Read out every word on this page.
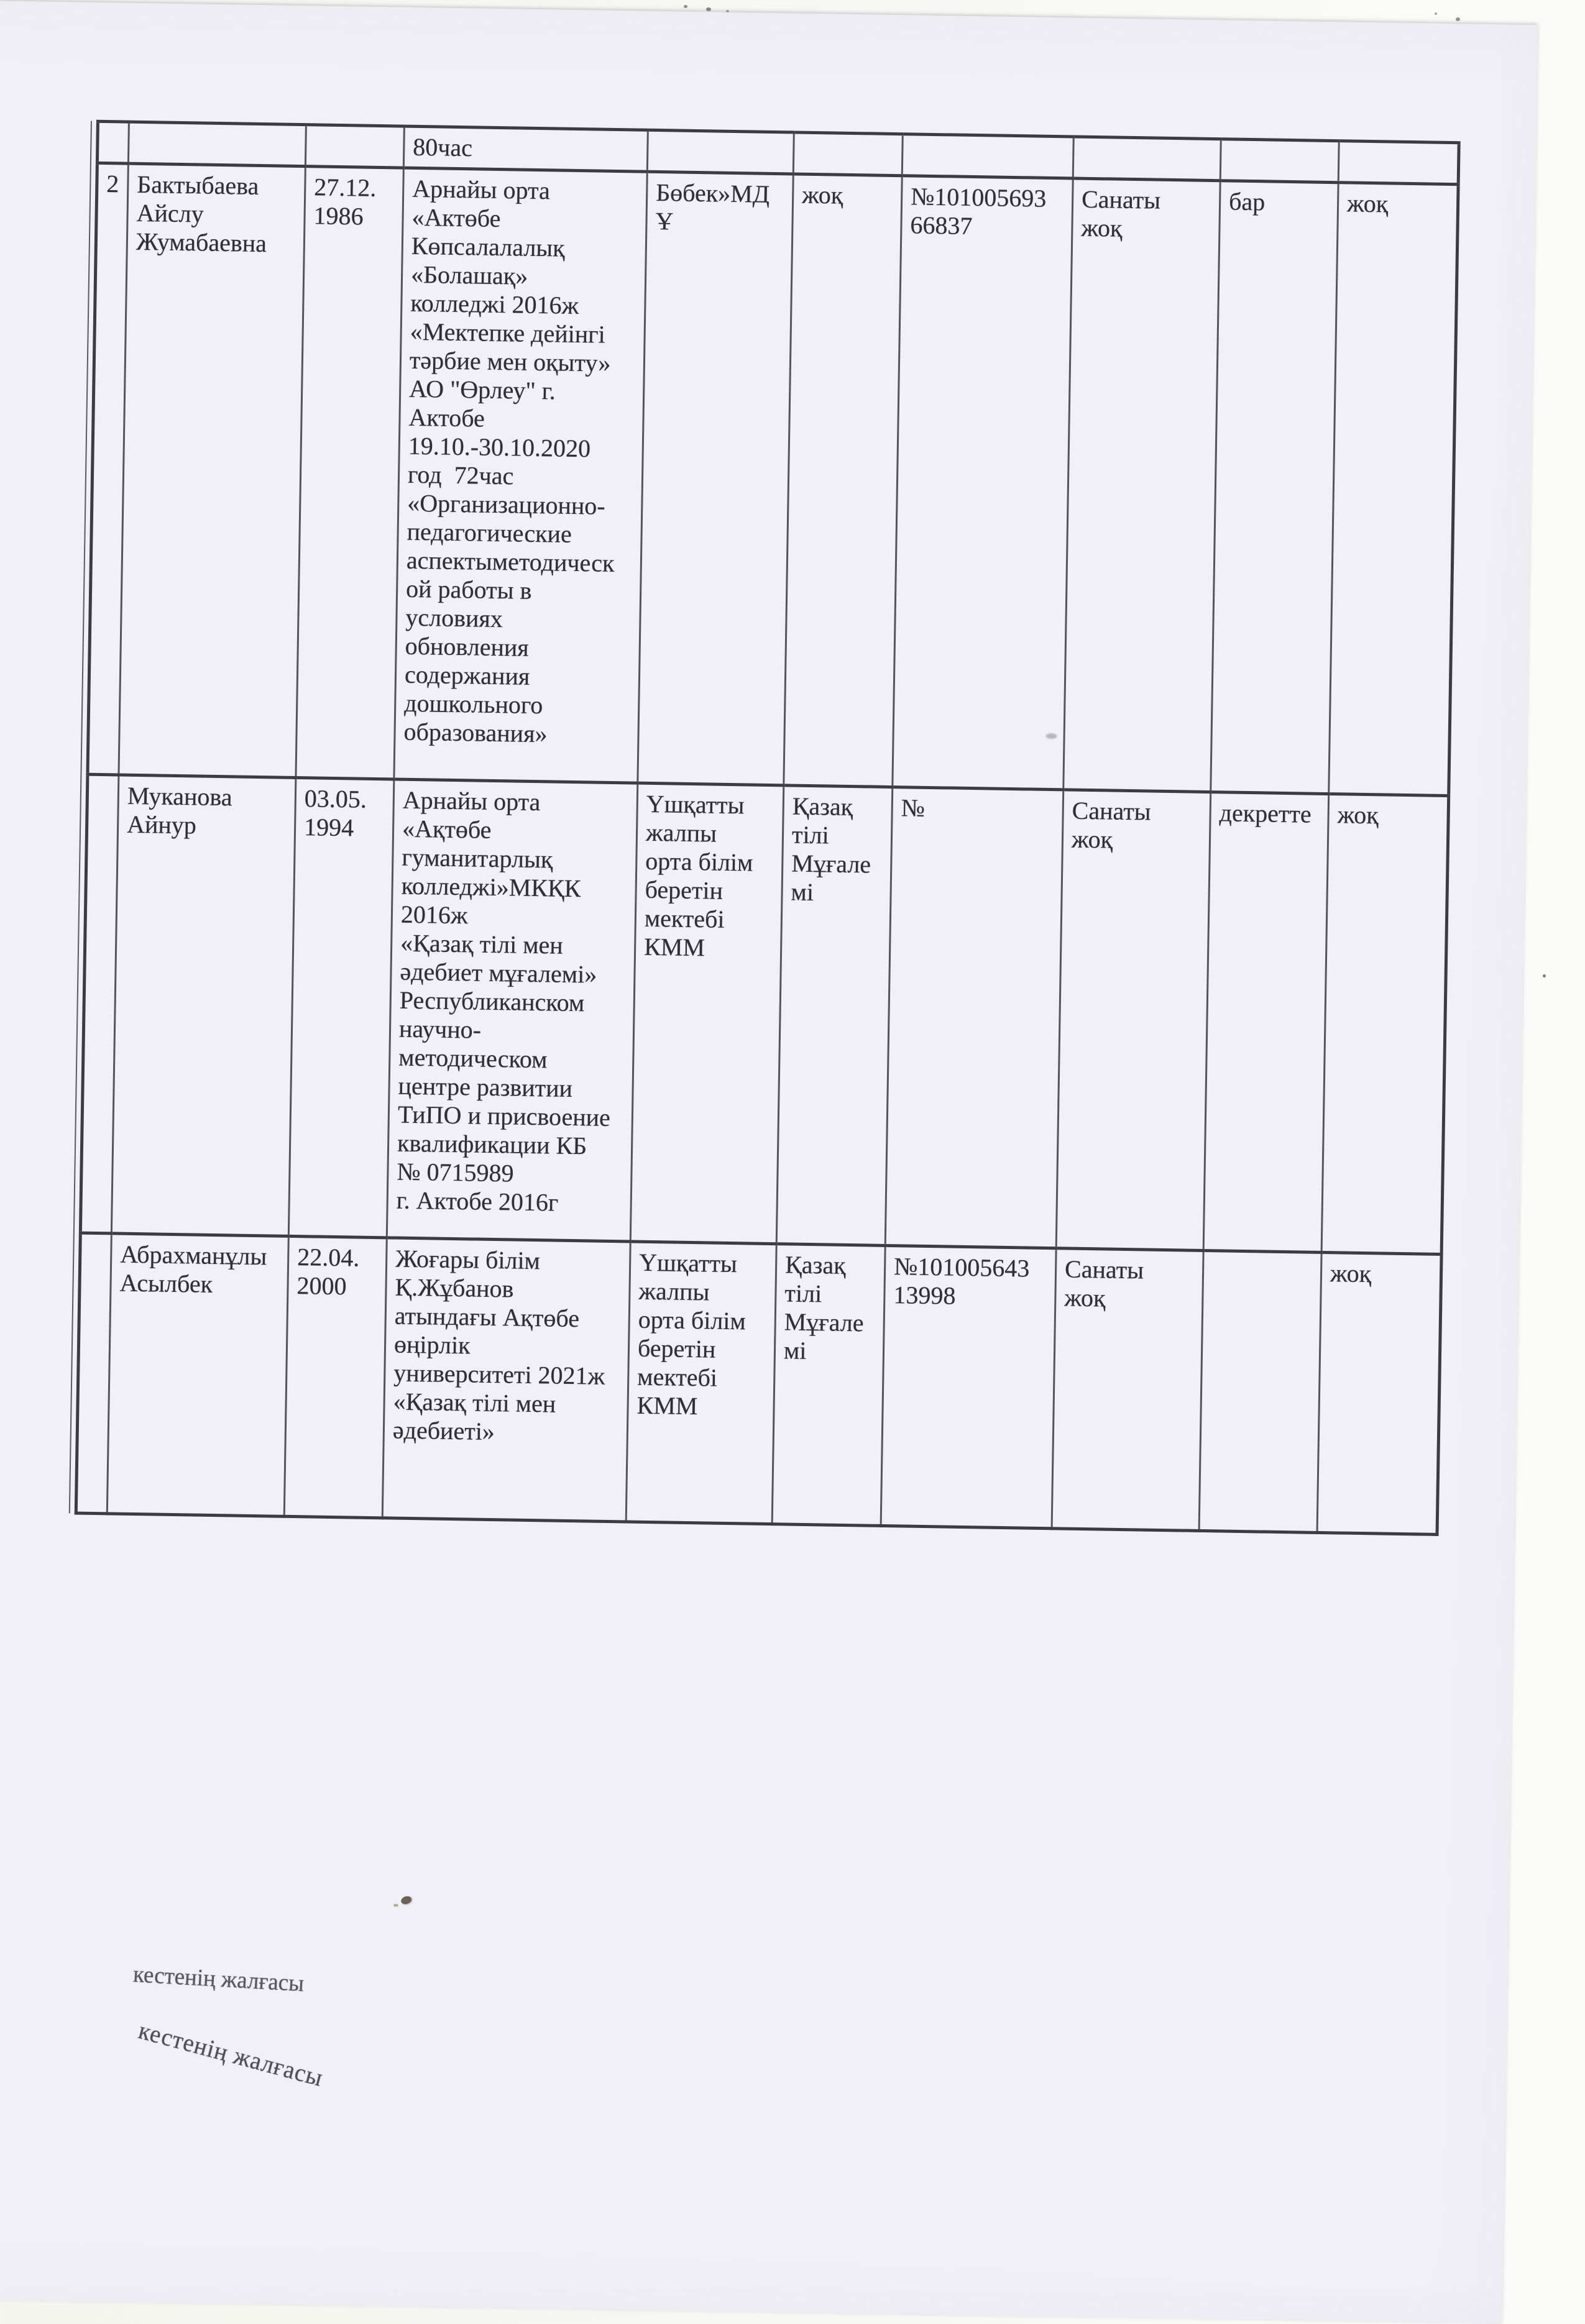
			80час						
2	Бактыбаева
Айслу
Жумабаевна	27.12.
1986	Арнайы орта
«Актөбе
Көпсалалалық
«Болашақ»
колледжі 2016ж
«Мектепке дейінгі
тәрбие мен оқыту»
АО "Өрлеу" г.
Актобе
19.10.-30.10.2020
год  72час
«Организационно-
педагогические
аспектыметодическ
ой работы в
условиях
обновления
содержания
дошкольного
образования»	Бөбек»МД
Ұ	жоқ	№101005693
66837	Санаты
жоқ	бар	жоқ
	Муканова
Айнур	03.05.
1994	Арнайы орта
«Ақтөбе
гуманитарлық
колледжі»МКҚК
2016ж
«Қазақ тілі мен
әдебиет мұғалемі»
Республиканском
научно-
методическом
центре развитии
ТиПО и присвоение
квалификации КБ
№ 0715989
г. Актобе 2016г	Үшқатты
жалпы
орта білім
беретін
мектебі
КММ	Қазақ
тілі
Мұғале
мі	№	Санаты
жоқ	декретте	жоқ
	Абрахманұлы
Асылбек	22.04.
2000	Жоғары білім
Қ.Жұбанов
атындағы Ақтөбе
өңірлік
университеті 2021ж
«Қазақ тілі мен
әдебиеті»	Үшқатты
жалпы
орта білім
беретін
мектебі
КММ	Қазақ
тілі
Мұғале
мі	№101005643
13998	Санаты
жоқ		жоқ
кестенің жалғасы
кестенің жалғасы
